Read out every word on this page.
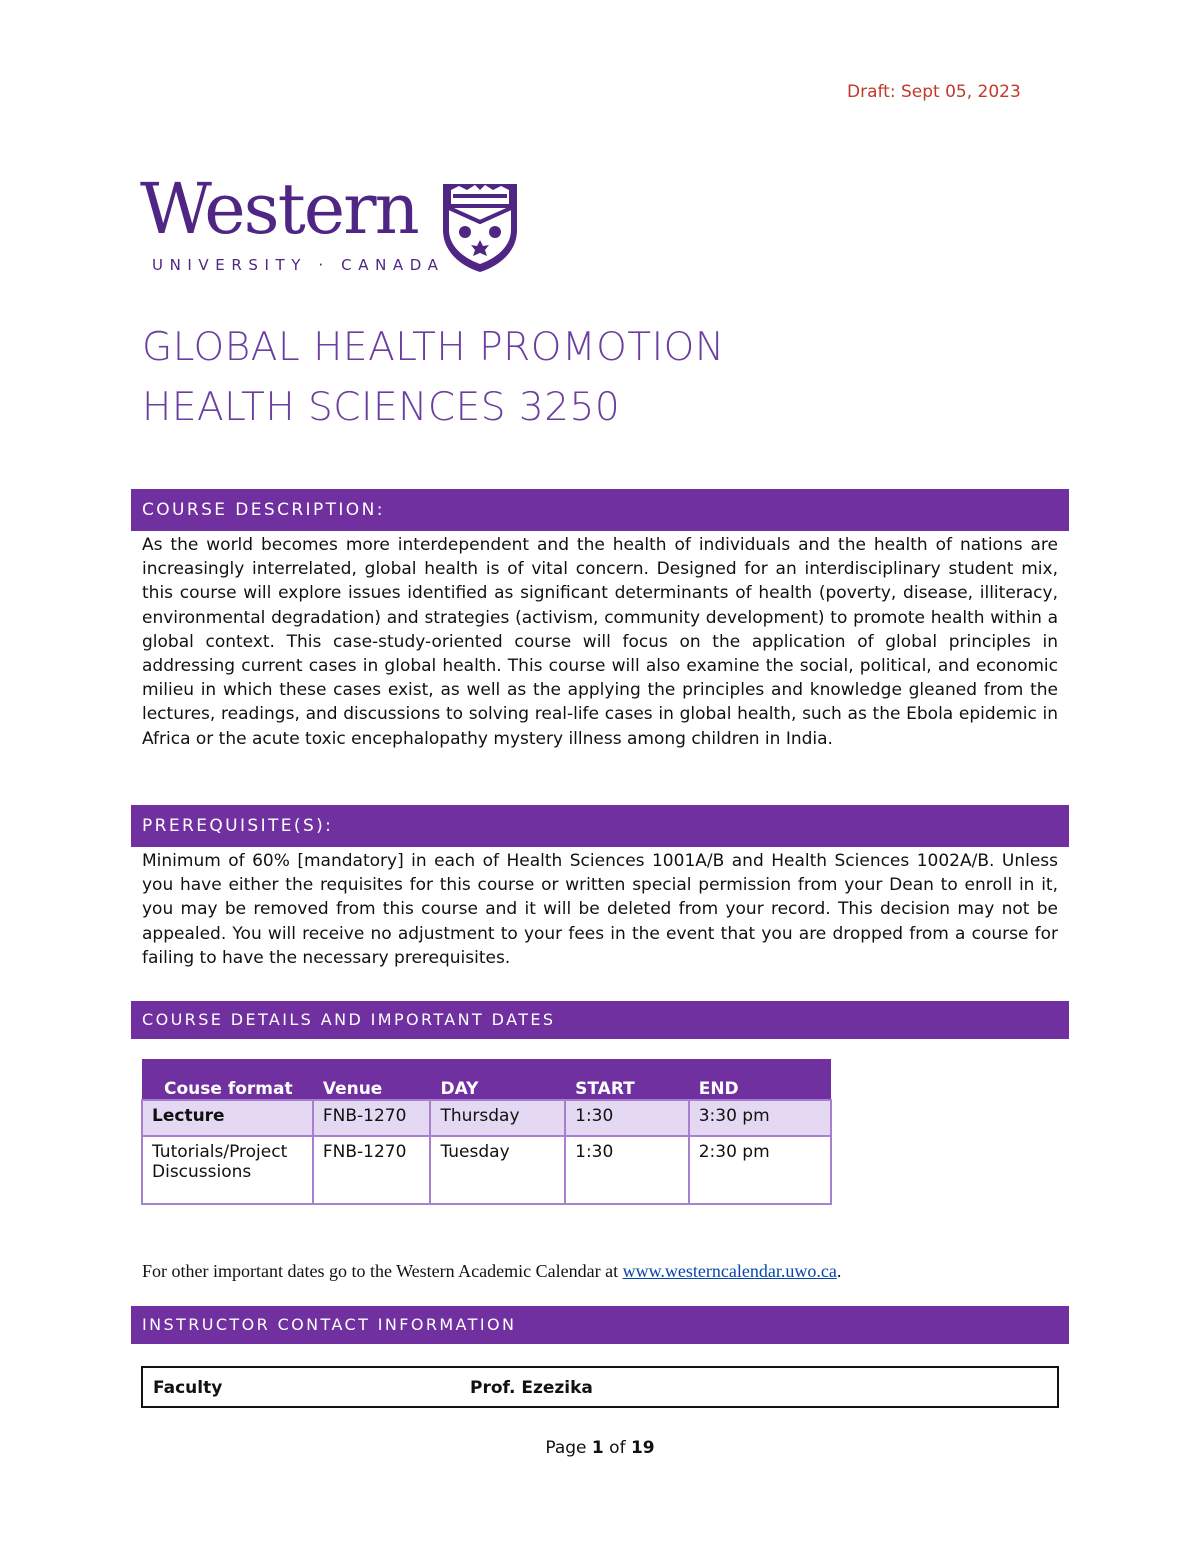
Draft: Sept 05, 2023
Western
UNIVERSITY · CANADA
GLOBAL HEALTH PROMOTION
HEALTH SCIENCES 3250
COURSE DESCRIPTION:
As the world becomes more interdependent and the health of individuals and the health of nations are increasingly interrelated, global health is of vital concern. Designed for an interdisciplinary student mix, this course will explore issues identified as significant determinants of health (poverty, disease, illiteracy, environmental degradation) and strategies (activism, community development) to promote health within a global context. This case-study-oriented course will focus on the application of global principles in addressing current cases in global health. This course will also examine the social, political, and economic milieu in which these cases exist, as well as the applying the principles and knowledge gleaned from the lectures, readings, and discussions to solving real-life cases in global health, such as the Ebola epidemic in Africa or the acute toxic encephalopathy mystery illness among children in India.
PREREQUISITE(S):
Minimum of 60% [mandatory] in each of Health Sciences 1001A/B and Health Sciences 1002A/B. Unless you have either the requisites for this course or written special permission from your Dean to enroll in it, you may be removed from this course and it will be deleted from your record. This decision may not be appealed. You will receive no adjustment to your fees in the event that you are dropped from a course for failing to have the necessary prerequisites.
COURSE DETAILS AND IMPORTANT DATES
Couse format	Venue	DAY	START	END
Lecture	FNB-1270	Thursday	1:30	3:30 pm
Tutorials/Project Discussions	FNB-1270	Tuesday	1:30	2:30 pm
For other important dates go to the Western Academic Calendar at www.westerncalendar.uwo.ca.
INSTRUCTOR CONTACT INFORMATION
Faculty	Prof. Ezezika
Page 1 of 19
